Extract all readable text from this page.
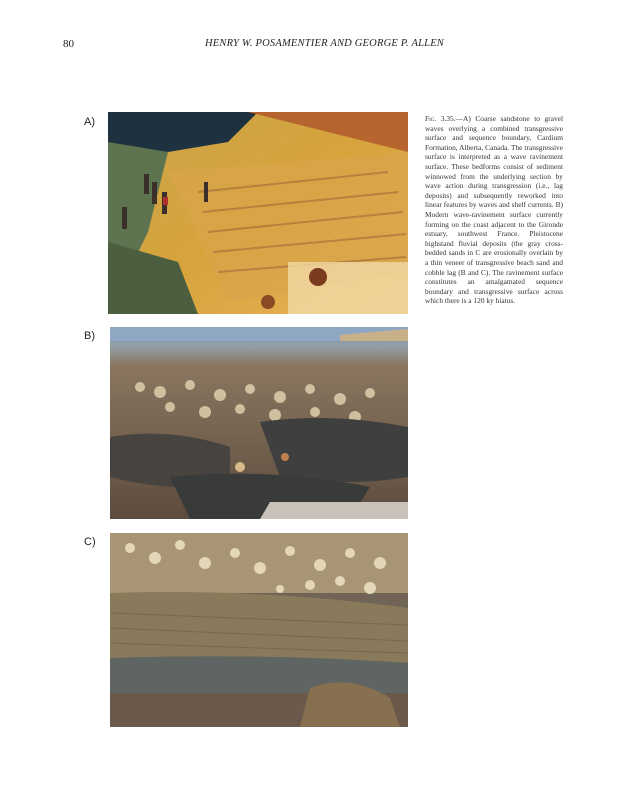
80	HENRY W. POSAMENTIER AND GEORGE P. ALLEN
A)
B)
C)
Fig. 3.35.—A) Coarse sandstone to gravel waves overlying a combined transgressive surface and sequence boundary, Cardium Formation, Alberta, Canada. The transgressive surface is interpreted as a wave ravinement surface. These bedforms consist of sediment winnowed from the underlying section by wave action during transgression (i.e., lag deposits) and subsequently reworked into linear features by waves and shelf currents. B) Modern wave-ravinement surface currently forming on the coast adjacent to the Gironde estuary, southwest France. Pleistocene highstand fluvial deposits (the gray cross-bedded sands in C are erosionally overlain by a thin veneer of transgressive beach sand and cobble lag (B and C). The ravinement surface constitutes an amalgamated sequence boundary and transgressive surface across which there is a 120 ky hiatus.
